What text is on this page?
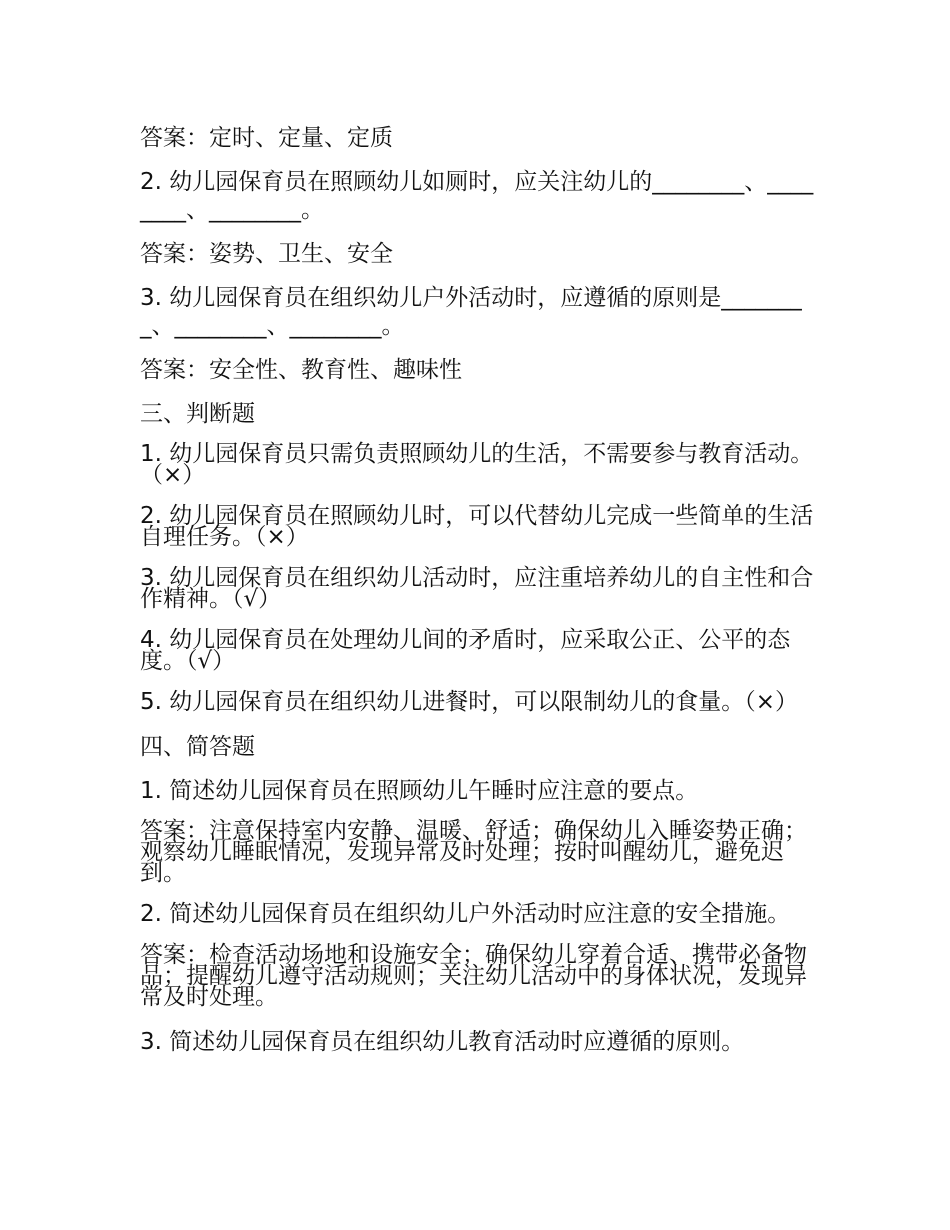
答案：定时、定量、定质

2. 幼儿园保育员在照顾幼儿如厕时，应关注幼儿的________、________、________。

答案：姿势、卫生、安全

3. 幼儿园保育员在组织幼儿户外活动时，应遵循的原则是________、________、________。

答案：安全性、教育性、趣味性

三、判断题

1. 幼儿园保育员只需负责照顾幼儿的生活，不需要参与教育活动。（×）

2. 幼儿园保育员在照顾幼儿时，可以代替幼儿完成一些简单的生活自理任务。（×）

3. 幼儿园保育员在组织幼儿活动时，应注重培养幼儿的自主性和合作精神。（√）

4. 幼儿园保育员在处理幼儿间的矛盾时，应采取公正、公平的态度。（√）

5. 幼儿园保育员在组织幼儿进餐时，可以限制幼儿的食量。（×）

四、简答题

1. 简述幼儿园保育员在照顾幼儿午睡时应注意的要点。

答案：注意保持室内安静、温暖、舒适；确保幼儿入睡姿势正确；观察幼儿睡眠情况，发现异常及时处理；按时叫醒幼儿，避免迟到。

2. 简述幼儿园保育员在组织幼儿户外活动时应注意的安全措施。

答案：检查活动场地和设施安全；确保幼儿穿着合适、携带必备物品；提醒幼儿遵守活动规则；关注幼儿活动中的身体状况，发现异常及时处理。

3. 简述幼儿园保育员在组织幼儿教育活动时应遵循的原则。
